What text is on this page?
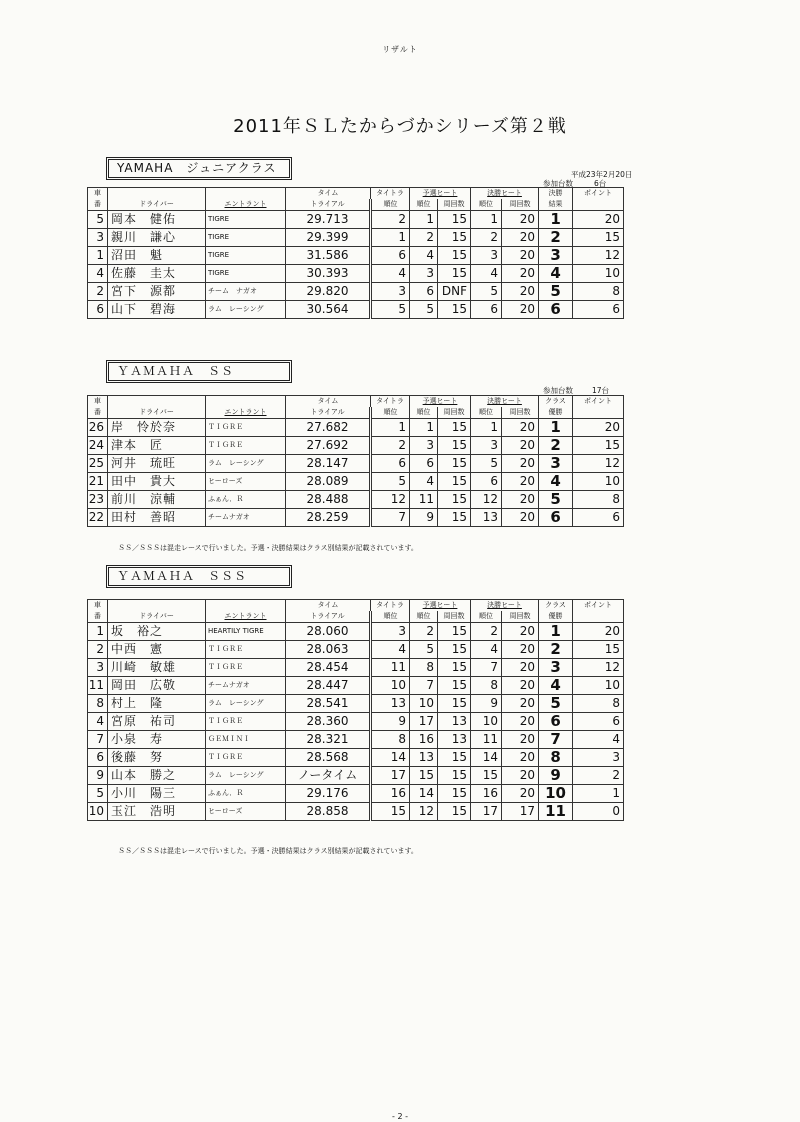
リザルト
2011年ＳＬたからづかシリーズ第２戦
YAMAHA　ジュニアクラス	平成23年2月20日
参加台数	6台
車			タイム	タイトラ	予選ヒート		決勝ヒート		決勝	ポイント
番	ドライバー	エントラント	トライアル	順位	順位	周回数	順位	周回数	結果	
5	岡本　健佑	TIGRE	29.713	2	1	15	1	20	1	20
3	親川　謙心	TIGRE	29.399	1	2	15	2	20	2	15
1	沼田　魁	TIGRE	31.586	6	4	15	3	20	3	12
4	佐藤　圭太	TIGRE	30.393	4	3	15	4	20	4	10
2	宮下　源都	チーム　ナガオ	29.820	3	6	DNF	5	20	5	8
6	山下　碧海	ラム　レーシング	30.564	5	5	15	6	20	6	6
ＹＡＭＡＨＡ　ＳＳ
参加台数	17台
車			タイム	タイトラ	予選ヒート		決勝ヒート		クラス	ポイント
番	ドライバー	エントラント	トライアル	順位	順位	周回数	順位	周回数	優勝	
26	岸　怜於奈	ＴＩＧＲＥ	27.682	1	1	15	1	20	1	20
24	津本　匠	ＴＩＧＲＥ	27.692	2	3	15	3	20	2	15
25	河井　琉旺	ラム　レーシング	28.147	6	6	15	5	20	3	12
21	田中　貴大	ヒーローズ	28.089	5	4	15	6	20	4	10
23	前川　涼輔	ふぁん．Ｒ	28.488	12	11	15	12	20	5	8
22	田村　善昭	チームナガオ	28.259	7	9	15	13	20	6	6
ＳＳ／ＳＳＳは混走レースで行いました。予選・決勝結果はクラス別結果が記載されています。
ＹＡＭＡＨＡ　ＳＳＳ
車			タイム	タイトラ	予選ヒート		決勝ヒート		クラス	ポイント
番	ドライバー	エントラント	トライアル	順位	順位	周回数	順位	周回数	優勝	
1	坂　裕之	HEARTILY TIGRE	28.060	3	2	15	2	20	1	20
2	中西　憲	ＴＩＧＲＥ	28.063	4	5	15	4	20	2	15
3	川崎　敏雄	ＴＩＧＲＥ	28.454	11	8	15	7	20	3	12
11	岡田　広敬	チームナガオ	28.447	10	7	15	8	20	4	10
8	村上　隆	ラム　レーシング	28.541	13	10	15	9	20	5	8
4	宮原　祐司	ＴＩＧＲＥ	28.360	9	17	13	10	20	6	6
7	小泉　寿	ＧＥＭＩＮＩ	28.321	8	16	13	11	20	7	4
6	後藤　努	ＴＩＧＲＥ	28.568	14	13	15	14	20	8	3
9	山本　勝之	ラム　レーシング	ノータイム	17	15	15	15	20	9	2
5	小川　陽三	ふぁん．Ｒ	29.176	16	14	15	16	20	10	1
10	玉江　浩明	ヒーローズ	28.858	15	12	15	17	17	11	0
ＳＳ／ＳＳＳは混走レースで行いました。予選・決勝結果はクラス別結果が記載されています。
- 2 -
